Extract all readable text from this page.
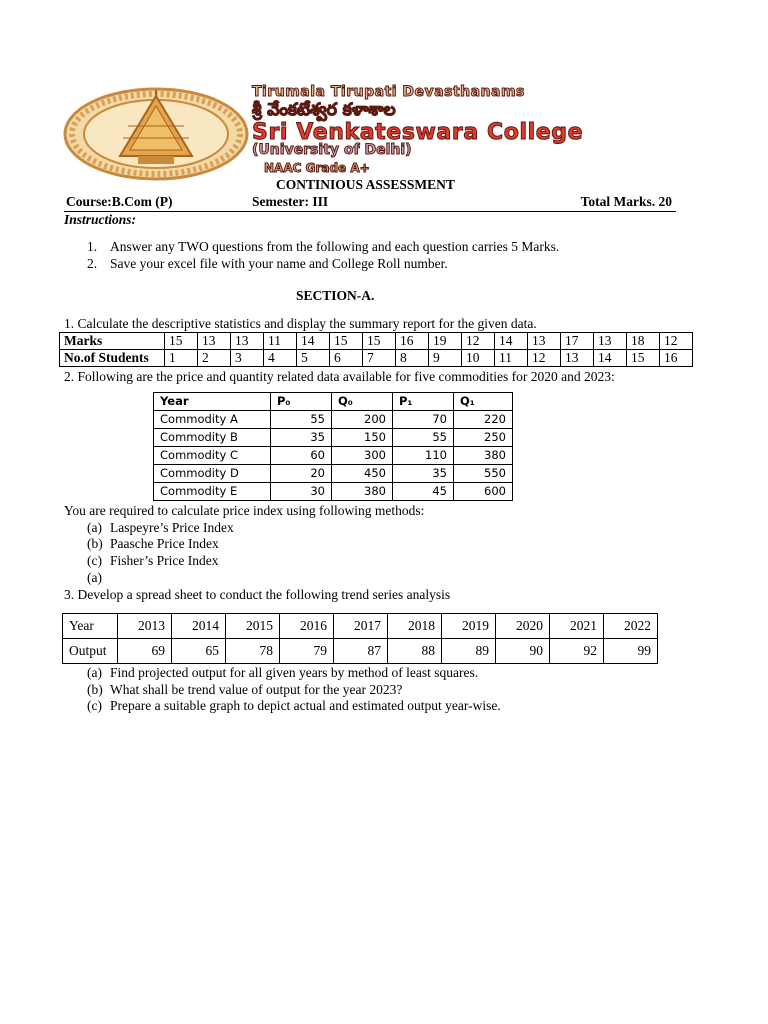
Tirumala Tirupati Devasthanams
శ్రీ వేంకటేశ్వర కళాశాల
Sri Venkateswara College
(University of Delhi)
NAAC Grade A+
CONTINIOUS ASSESSMENT
Course:B.Com (P)	Semester: III	Total Marks. 20
Instructions:
1. Answer any TWO questions from the following and each question carries 5 Marks.
2. Save your excel file with your name and College Roll number.
SECTION-A.
1. Calculate the descriptive statistics and display the summary report for the given data.
Marks	15	13	13	11	14	15	15	16	19	12	14	13	17	13	18	12
No.of Students	1	2	3	4	5	6	7	8	9	10	11	12	13	14	15	16
2. Following are the price and quantity related data available for five commodities for 2020 and 2023:
Year	P₀	Q₀	P₁	Q₁
Commodity A	55	200	70	220
Commodity B	35	150	55	250
Commodity C	60	300	110	380
Commodity D	20	450	35	550
Commodity E	30	380	45	600
You are required to calculate price index using following methods:
(a) Laspeyre’s Price Index
(b) Paasche Price Index
(c) Fisher’s Price Index
(a)
3. Develop a spread sheet to conduct the following trend series analysis
Year	2013	2014	2015	2016	2017	2018	2019	2020	2021	2022
Output	69	65	78	79	87	88	89	90	92	99
(a) Find projected output for all given years by method of least squares.
(b) What shall be trend value of output for the year 2023?
(c) Prepare a suitable graph to depict actual and estimated output year-wise.
